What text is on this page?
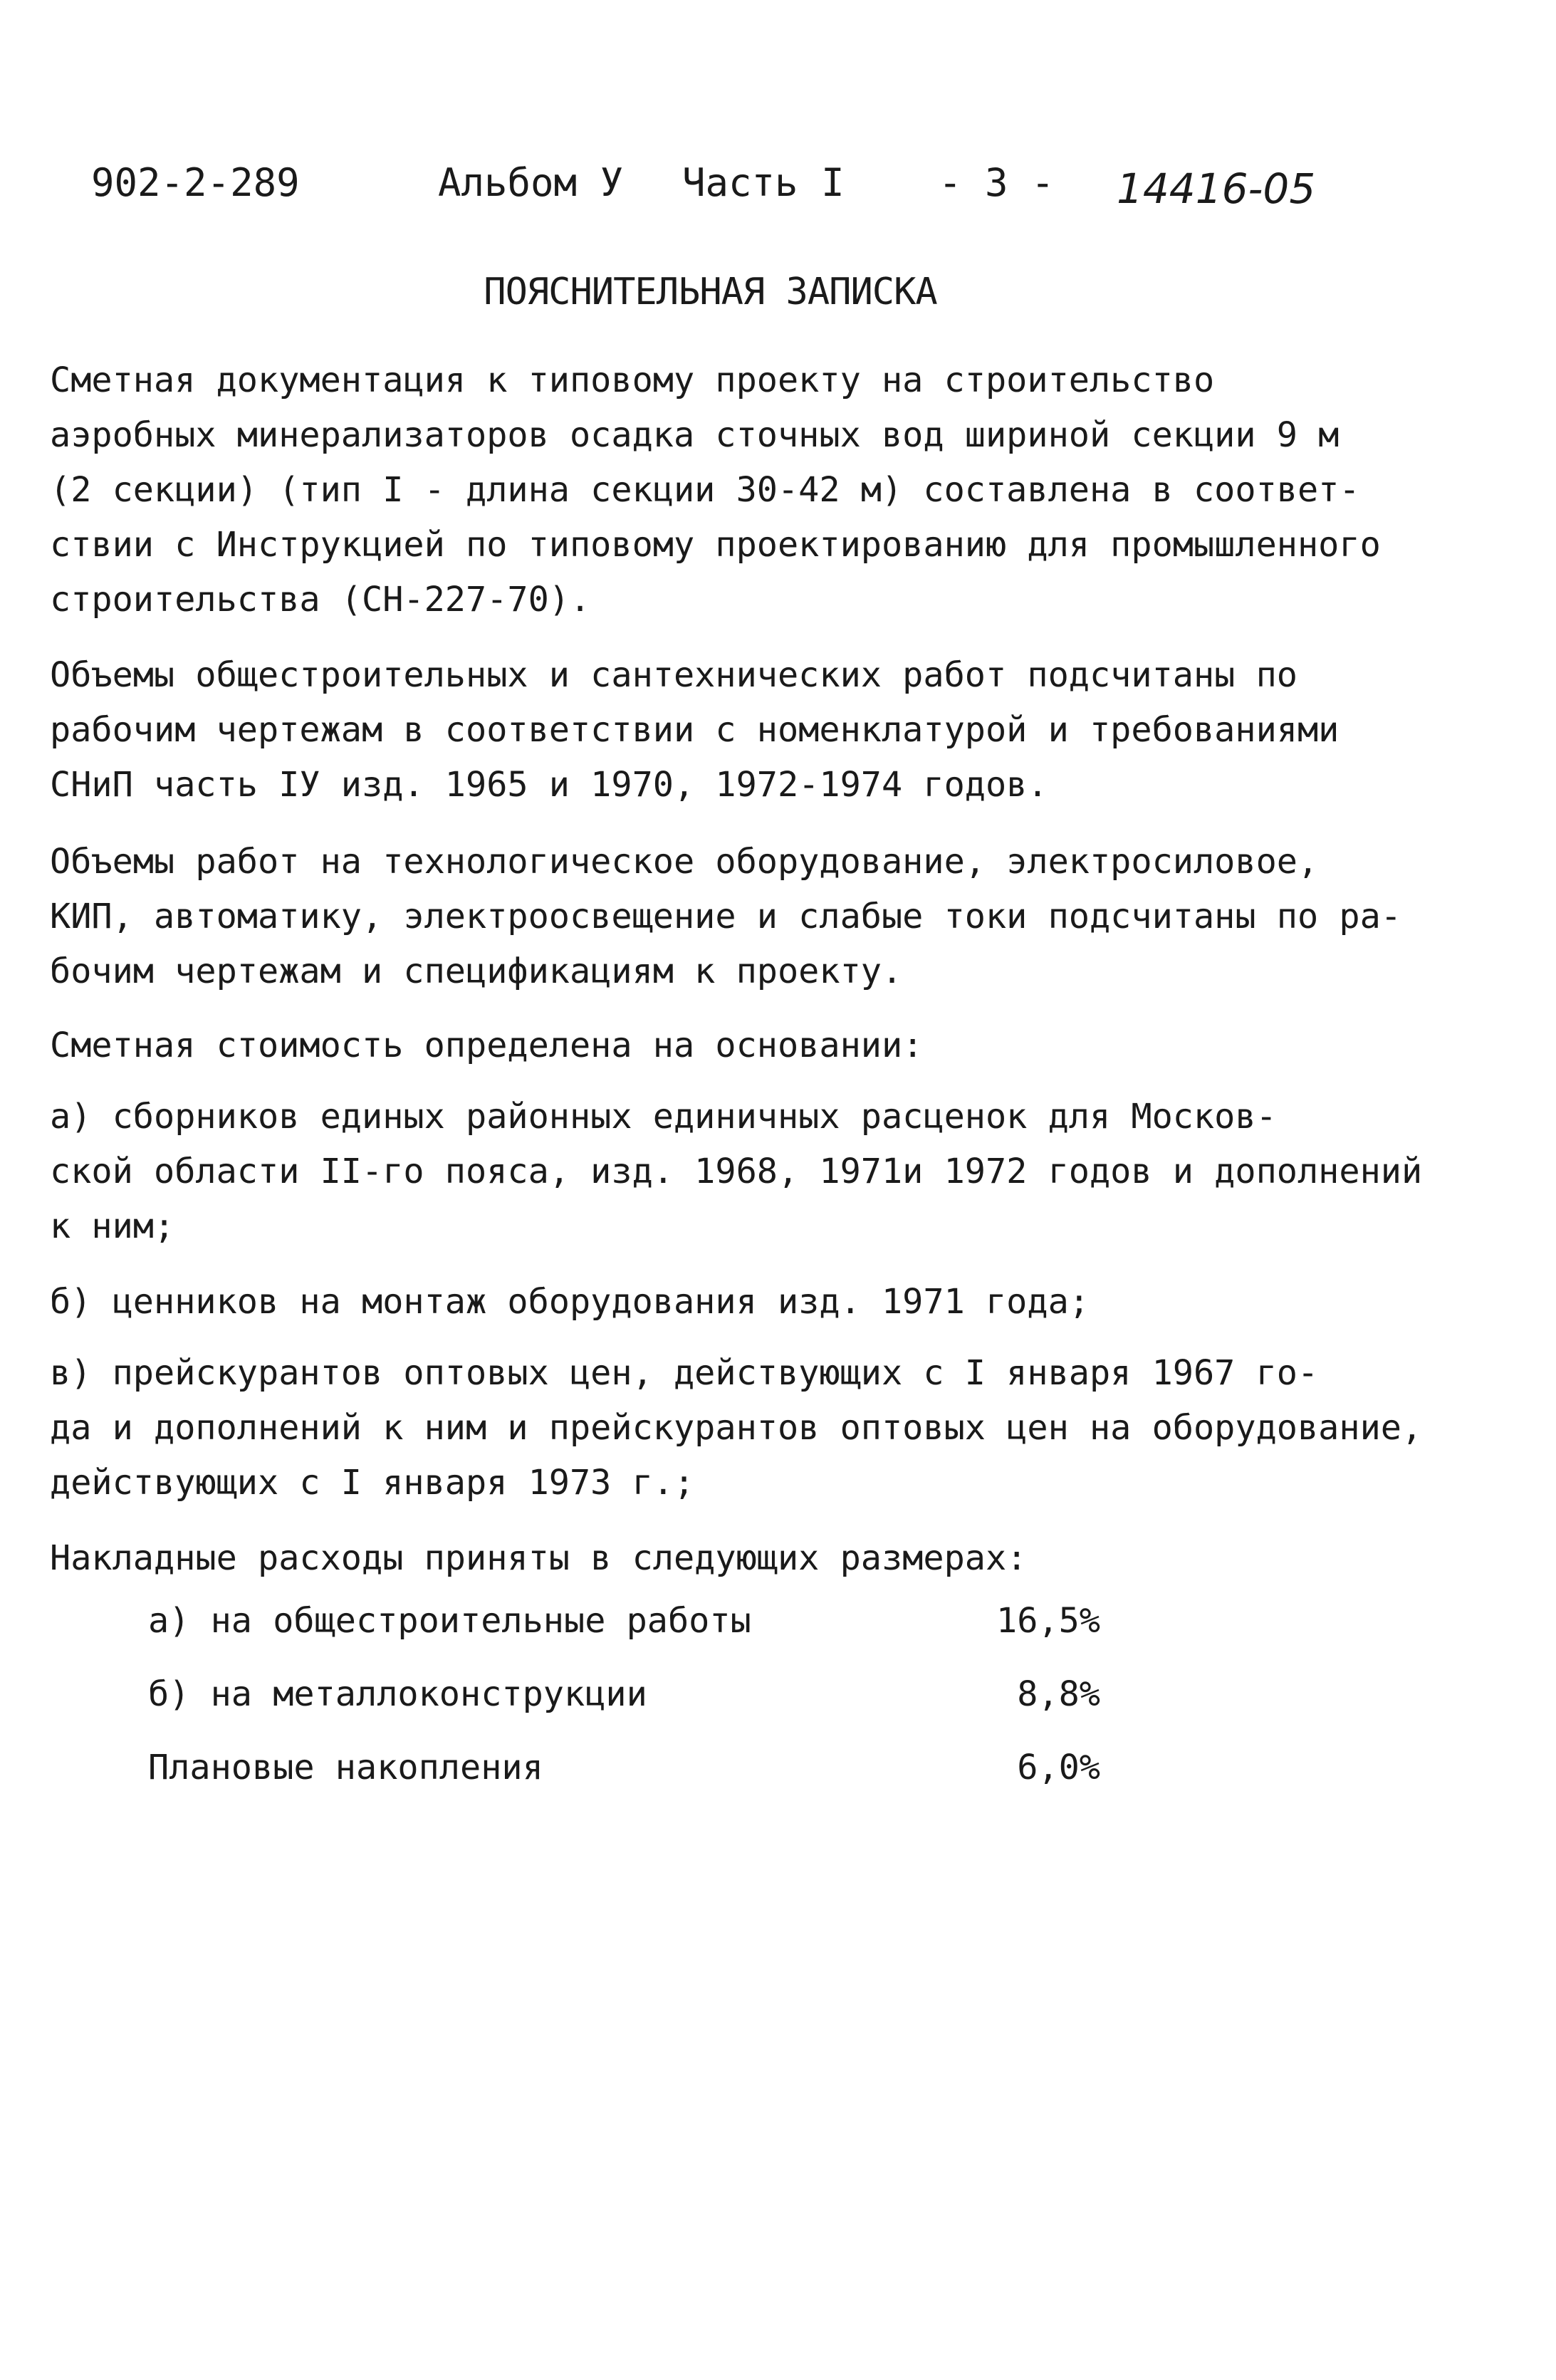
902-2-289	Альбом У Часть I - 3 - 14416-05
ПОЯСНИТЕЛЬНАЯ ЗАПИСКА

Сметная документация к типовому проекту на строительство
аэробных минерализаторов осадка сточных вод шириной секции 9 м
(2 секции) (тип I - длина секции 30-42 м) составлена в соответ-
ствии с Инструкцией по типовому проектированию для промышленного
строительства (СН-227-70).

Объемы общестроительных и сантехнических работ подсчитаны по
рабочим чертежам в соответствии с номенклатурой и требованиями
СНиП часть IУ изд. 1965 и 1970, 1972-1974 годов.

Объемы работ на технологическое оборудование, электросиловое,
КИП, автоматику, электроосвещение и слабые токи подсчитаны по ра-
бочим чертежам и спецификациям к проекту.

Сметная стоимость определена на основании:

а) сборников единых районных единичных расценок для Москов-
ской области II-го пояса, изд. 1968, 1971и 1972 годов и дополнений
к ним;

б) ценников на монтаж оборудования изд. 1971 года;

в) прейскурантов оптовых цен, действующих с I января 1967 го-
да и дополнений к ним и прейскурантов оптовых цен на оборудование,
действующих с I января 1973 г.;

Накладные расходы приняты в следующих размерах:

а) на общестроительные работы	16,5%
б) на металлоконструкции	8,8%
Плановые накопления	6,0%
